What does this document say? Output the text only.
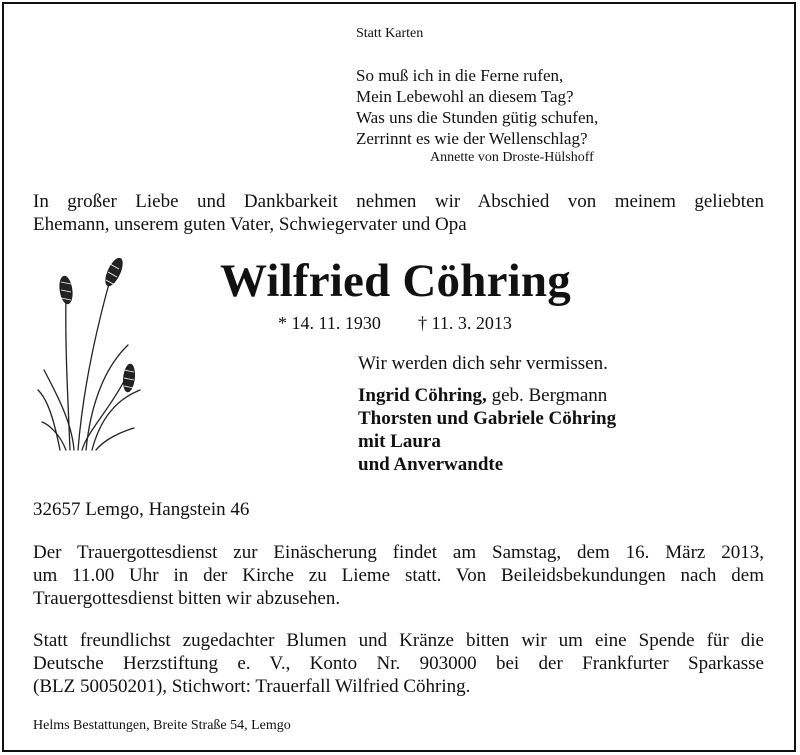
Statt Karten
So muß ich in die Ferne rufen,
Mein Lebewohl an diesem Tag?
Was uns die Stunden gütig schufen,
Zerrinnt es wie der Wellenschlag?
Annette von Droste-Hülshoff
In großer Liebe und Dankbarkeit nehmen wir Abschied von meinem geliebten
Ehemann, unserem guten Vater, Schwiegervater und Opa
Wilfried Cöhring
* 14. 11. 1930 † 11. 3. 2013
Wir werden dich sehr vermissen.
Ingrid Cöhring, geb. Bergmann
Thorsten und Gabriele Cöhring
mit Laura
und Anverwandte
32657 Lemgo, Hangstein 46
Der Trauergottesdienst zur Einäscherung findet am Samstag, dem 16. März 2013,
um 11.00 Uhr in der Kirche zu Lieme statt. Von Beileidsbekundungen nach dem
Trauergottesdienst bitten wir abzusehen.
Statt freundlichst zugedachter Blumen und Kränze bitten wir um eine Spende für die
Deutsche Herzstiftung e. V., Konto Nr. 903000 bei der Frankfurter Sparkasse
(BLZ 50050201), Stichwort: Trauerfall Wilfried Cöhring.
Helms Bestattungen, Breite Straße 54, Lemgo
